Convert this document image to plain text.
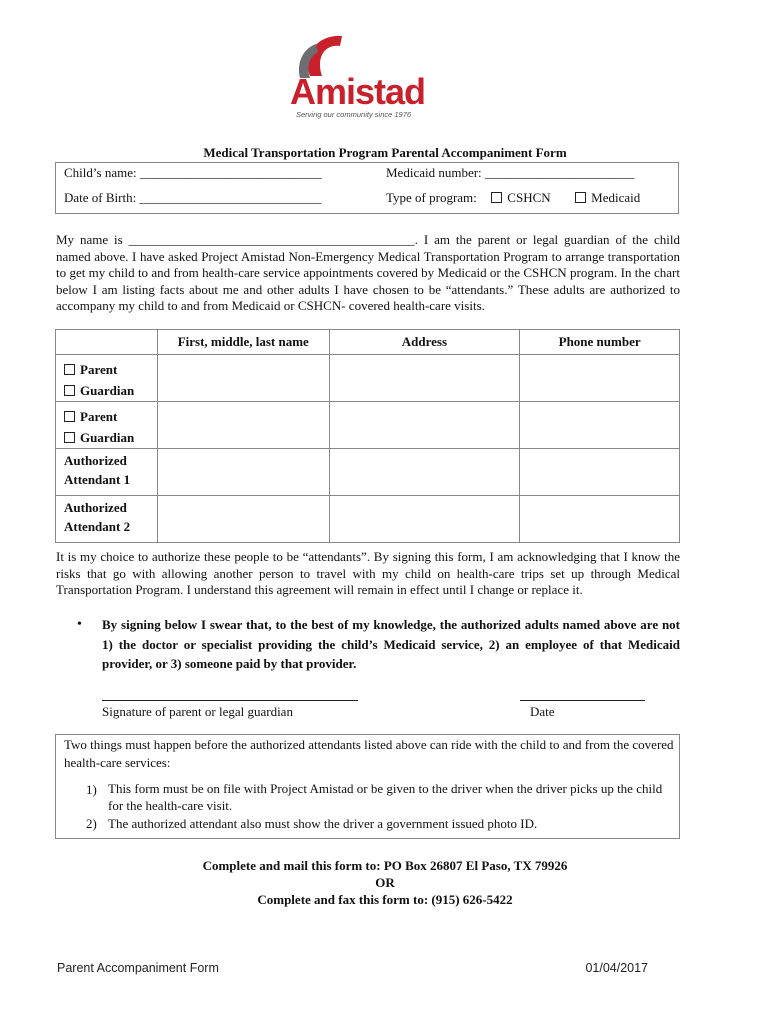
Amistad
Serving our community since 1976
Medical Transportation Program Parental Accompaniment Form
Child’s name: ____________________________	Medicaid number: _______________________
Date of Birth: ____________________________	Type of program: CSHCN	Medicaid
My name is ____________________________________________. I am the parent or legal guardian of the child named above. I have asked Project Amistad Non-Emergency Medical Transportation Program to arrange transportation to get my child to and from health-care service appointments covered by Medicaid or the CSHCN program. In the chart below I am listing facts about me and other adults I have chosen to be “attendants.” These adults are authorized to accompany my child to and from Medicaid or CSHCN- covered health-care visits.
	First, middle, last name	Address	Phone number

Parent
Guardian			

Parent
Guardian			

Authorized
Attendant 1			

Authorized
Attendant 2			

It is my choice to authorize these people to be “attendants”. By signing this form, I am acknowledging that I know the risks that go with allowing another person to travel with my child on health-care trips set up through Medical Transportation Program. I understand this agreement will remain in effect until I change or replace it.
• By signing below I swear that, to the best of my knowledge, the authorized adults named above are not 1) the doctor or specialist providing the child’s Medicaid service, 2) an employee of that Medicaid provider, or 3) someone paid by that provider.
Signature of parent or legal guardian	Date
Two things must happen before the authorized attendants listed above can ride with the child to and from the covered health-care services:
1) This form must be on file with Project Amistad or be given to the driver when the driver picks up the child for the health-care visit.
2) The authorized attendant also must show the driver a government issued photo ID.
Complete and mail this form to: PO Box 26807 El Paso, TX 79926
OR
Complete and fax this form to: (915) 626-5422
Parent Accompaniment Form	01/04/2017
